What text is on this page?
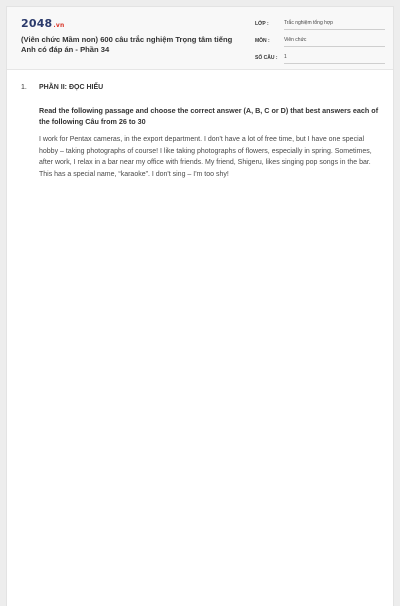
2048.vn
(Viên chức Mầm non) 600 câu trắc nghiệm Trọng tâm tiếng Anh có đáp án - Phần 34
LỚP :	Trắc nghiệm tổng hợp
MÔN :	Viên chức
SỐ CÂU :	1
1.	PHẦN II: ĐỌC HIỂU
Read the following passage and choose the correct answer (A, B, C or D) that best answers each of the following Câu from 26 to 30
I work for Pentax cameras, in the export department. I don't have a lot of free time, but I have one special hobby – taking photographs of course! I like taking photographs of flowers, especially in spring. Sometimes, after work, I relax in a bar near my office with friends. My friend, Shigeru, likes singing pop songs in the bar. This has a special name, “karaoke”. I don't sing – I'm too shy!
